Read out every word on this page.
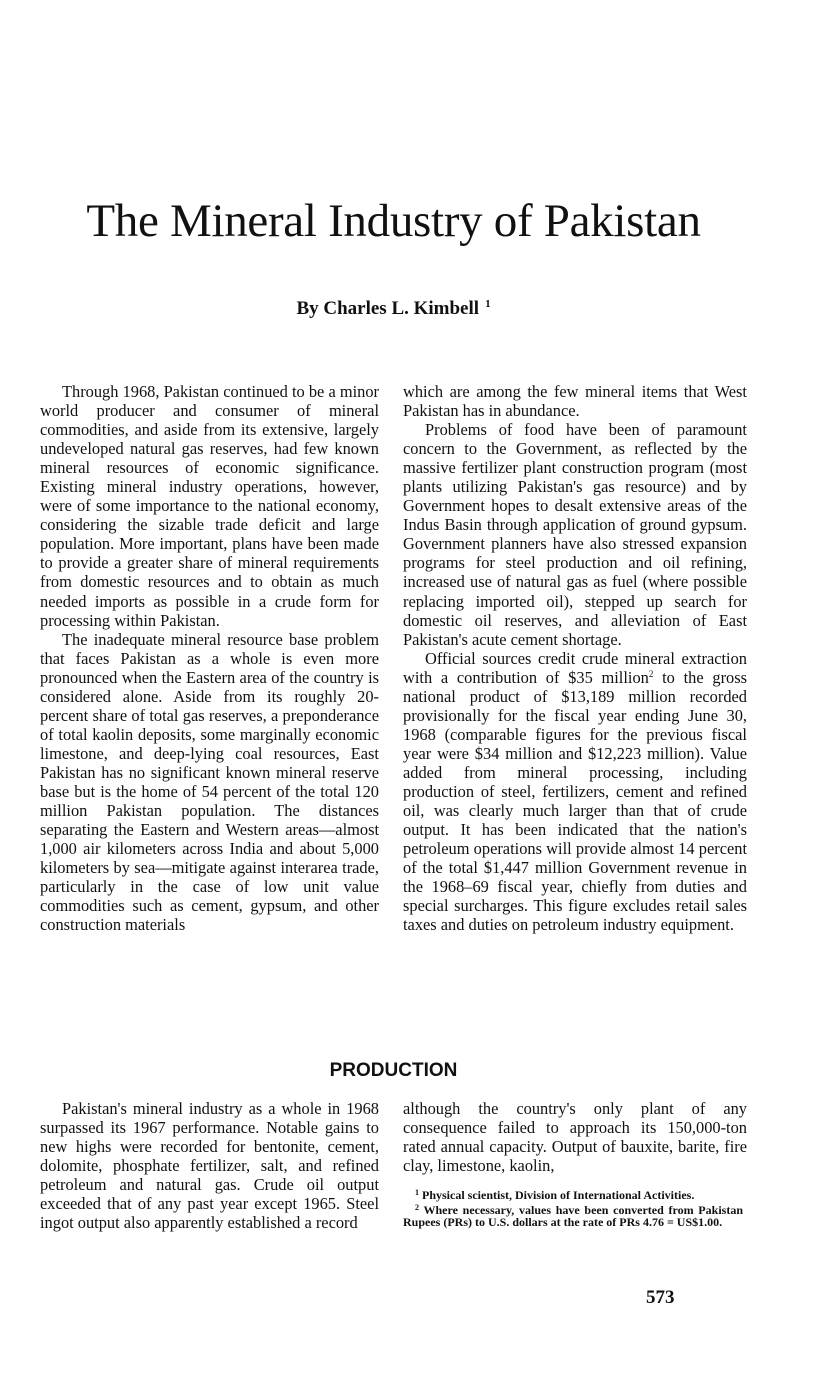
The Mineral Industry of Pakistan
By Charles L. Kimbell $^1$

Through 1968, Pakistan continued to be a minor world producer and consumer of mineral commodities, and aside from its extensive, largely undeveloped natural gas reserves, had few known mineral resources of economic significance. Existing mineral industry operations, however, were of some importance to the national economy, considering the sizable trade deficit and large population. More important, plans have been made to provide a greater share of mineral requirements from domestic resources and to obtain as much needed imports as possible in a crude form for processing within Pakistan.

The inadequate mineral resource base problem that faces Pakistan as a whole is even more pronounced when the Eastern area of the country is considered alone. Aside from its roughly 20-percent share of total gas reserves, a preponderance of total kaolin deposits, some marginally economic limestone, and deep-lying coal resources, East Pakistan has no significant known mineral reserve base but is the home of 54 percent of the total 120 million Pakistan population. The distances separating the Eastern and Western areas—almost 1,000 air kilometers across India and about 5,000 kilometers by sea—mitigate against interarea trade, particularly in the case of low unit value commodities such as cement, gypsum, and other construction materials

which are among the few mineral items that West Pakistan has in abundance.

Problems of food have been of paramount concern to the Government, as reflected by the massive fertilizer plant construction program (most plants utilizing Pakistan's gas resource) and by Government hopes to desalt extensive areas of the Indus Basin through application of ground gypsum. Government planners have also stressed expansion programs for steel production and oil refining, increased use of natural gas as fuel (where possible replacing imported oil), stepped up search for domestic oil reserves, and alleviation of East Pakistan's acute cement shortage.

Official sources credit crude mineral extraction with a contribution of $35 million$^2$ to the gross national product of $13,189 million recorded provisionally for the fiscal year ending June 30, 1968 (comparable figures for the previous fiscal year were $34 million and $12,223 million). Value added from mineral processing, including production of steel, fertilizers, cement and refined oil, was clearly much larger than that of crude output. It has been indicated that the nation's petroleum operations will provide almost 14 percent of the total $1,447 million Government revenue in the 1968–69 fiscal year, chiefly from duties and special surcharges. This figure excludes retail sales taxes and duties on petroleum industry equipment.

PRODUCTION

Pakistan's mineral industry as a whole in 1968 surpassed its 1967 performance. Notable gains to new highs were recorded for bentonite, cement, dolomite, phosphate fertilizer, salt, and refined petroleum and natural gas. Crude oil output exceeded that of any past year except 1965. Steel ingot output also apparently established a record

although the country's only plant of any consequence failed to approach its 150,000-ton rated annual capacity. Output of bauxite, barite, fire clay, limestone, kaolin,

$^1$ Physical scientist, Division of International Activities.
$^2$ Where necessary, values have been converted from Pakistan Rupees (PRs) to U.S. dollars at the rate of PRs 4.76 = US$1.00.
573
